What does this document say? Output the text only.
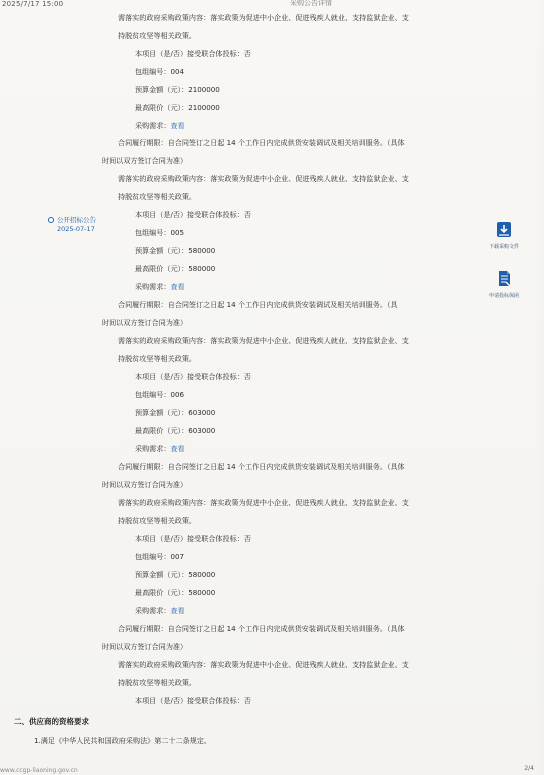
2025/7/17 15:00	采购公告详情
公开招标公告
2025-07-17
下载采购文件
申请投标保函
需落实的政府采购政策内容：落实政策为促进中小企业、促进残疾人就业、支持监狱企业、支
持脱贫攻坚等相关政策。
本项目（是/否）接受联合体投标：否
包组编号：004
预算金额（元）：2100000
最高限价（元）：2100000
采购需求：查看
合同履行期限：自合同签订之日起 14 个工作日内完成供货安装调试及相关培训服务。（具体
时间以双方签订合同为准）
需落实的政府采购政策内容：落实政策为促进中小企业、促进残疾人就业、支持监狱企业、支
持脱贫攻坚等相关政策。
本项目（是/否）接受联合体投标：否
包组编号：005
预算金额（元）：580000
最高限价（元）：580000
采购需求：查看
合同履行期限：自合同签订之日起 14 个工作日内完成供货安装调试及相关培训服务。（具
时间以双方签订合同为准）
需落实的政府采购政策内容：落实政策为促进中小企业、促进残疾人就业、支持监狱企业、支
持脱贫攻坚等相关政策。
本项目（是/否）接受联合体投标：否
包组编号：006
预算金额（元）：603000
最高限价（元）：603000
采购需求：查看
合同履行期限：自合同签订之日起 14 个工作日内完成供货安装调试及相关培训服务。（具体
时间以双方签订合同为准）
需落实的政府采购政策内容：落实政策为促进中小企业、促进残疾人就业、支持监狱企业、支
持脱贫攻坚等相关政策。
本项目（是/否）接受联合体投标：否
包组编号：007
预算金额（元）：580000
最高限价（元）：580000
采购需求：查看
合同履行期限：自合同签订之日起 14 个工作日内完成供货安装调试及相关培训服务。（具体
时间以双方签订合同为准）
需落实的政府采购政策内容：落实政策为促进中小企业、促进残疾人就业、支持监狱企业、支
持脱贫攻坚等相关政策。
本项目（是/否）接受联合体投标：否
二、供应商的资格要求
1.满足《中华人民共和国政府采购法》第二十二条规定。
www.ccgp-liaoning.gov.cn	2/4
